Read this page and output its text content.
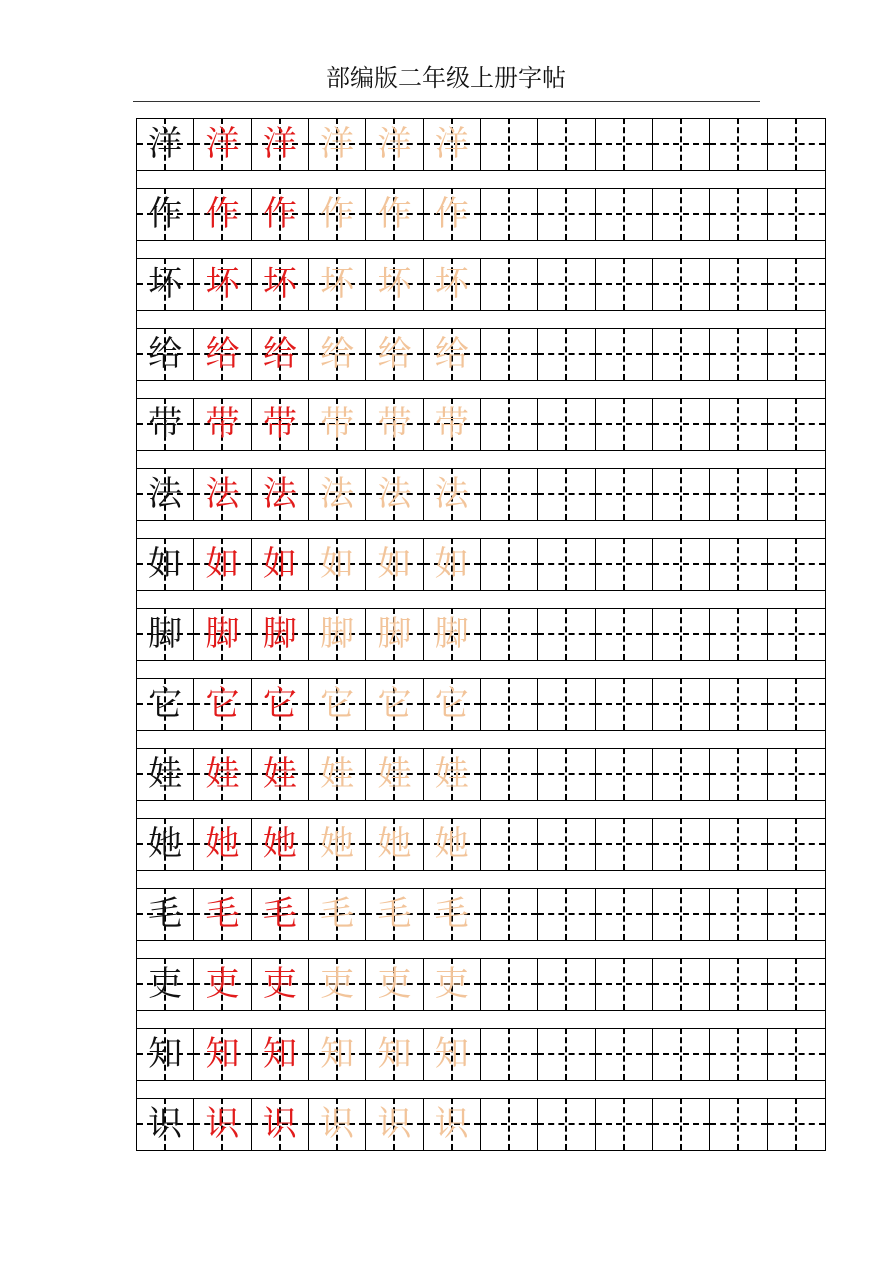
部编版二年级上册字帖
洋 洋 洋 洋 洋 洋
作 作 作 作 作 作
坏 坏 坏 坏 坏 坏
给 给 给 给 给 给
带 带 带 带 带 带
法 法 法 法 法 法
如 如 如 如 如 如
脚 脚 脚 脚 脚 脚
它 它 它 它 它 它
娃 娃 娃 娃 娃 娃
她 她 她 她 她 她
毛 毛 毛 毛 毛 毛
吏 吏 吏 吏 吏 吏
知 知 知 知 知 知
识 识 识 识 识 识
